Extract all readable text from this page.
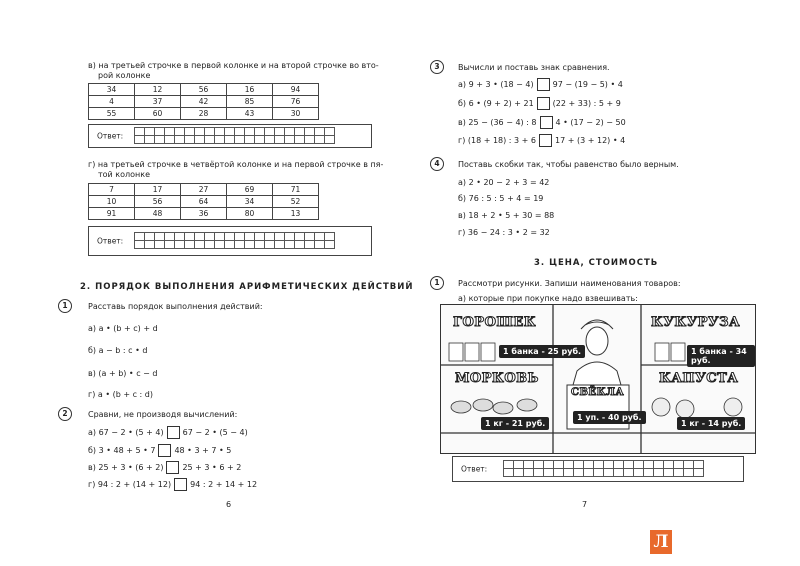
в) на третьей строчке в первой колонке и на второй строчке во вто-
рой колонке
34	12	56	16	94
4	37	42	85	76
55	60	28	43	30
Ответ:
г) на третьей строчке в четвёртой колонке и на первой строчке в пя-
той колонке
7	17	27	69	71
10	56	64	34	52
91	48	36	80	13
Ответ:
2. ПОРЯДОК ВЫПОЛНЕНИЯ АРИФМЕТИЧЕСКИХ ДЕЙСТВИЙ
1	Расставь порядок выполнения действий:
а) a • (b + c) + d
б) a − b : c • d
в) (a + b) • c − d
г) a • (b + c : d)
2	Сравни, не производя вычислений:
а) 67 − 2 • (5 + 4) 67 − 2 • (5 − 4)
б) 3 • 48 + 5 • 7 48 • 3 + 7 • 5
в) 25 + 3 • (6 + 2) 25 + 3 • 6 + 2
г) 94 : 2 + (14 + 12) 94 : 2 + 14 + 12
6
3	Вычисли и поставь знак сравнения.
а) 9 + 3 • (18 − 4) 97 − (19 − 5) • 4
б) 6 • (9 + 2) + 21 (22 + 33) : 5 + 9
в) 25 − (36 − 4) : 8 4 • (17 − 2) − 50
г) (18 + 18) : 3 + 6 17 + (3 + 12) • 4
4	Поставь скобки так, чтобы равенство было верным.
а) 2 • 20 − 2 + 3 = 42
б) 76 : 5 : 5 + 4 = 19
в) 18 + 2 • 5 + 30 = 88
г) 36 − 24 : 3 • 2 = 32
3. ЦЕНА, СТОИМОСТЬ
1	Рассмотри рисунки. Запиши наименования товаров:
а) которые при покупке надо взвешивать:
ГОРОШЕК	КУКУРУЗА
МОРКОВЬ
СВЁКЛА
КАПУСТА
1 банка - 25 руб.	1 банка - 34 руб.
1 кг - 21 руб.
1 уп. - 40 руб.
1 кг - 14 руб.
Ответ:
7
Л
